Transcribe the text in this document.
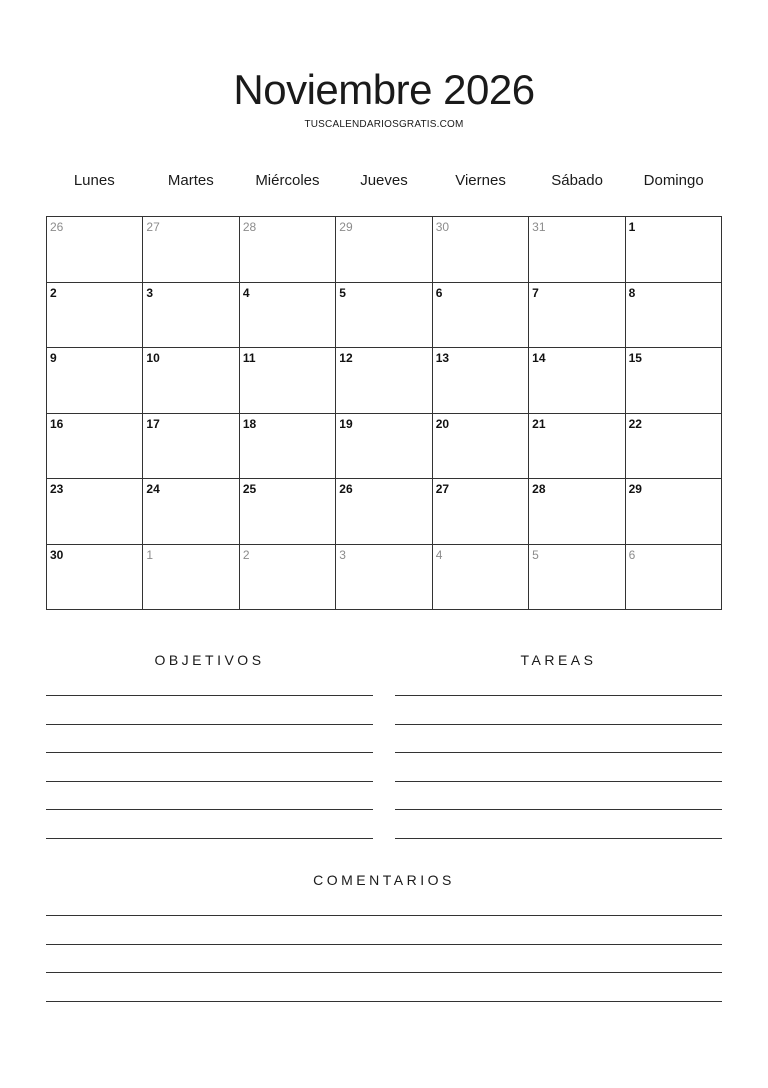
Noviembre 2026
TUSCALENDARIOSGRATIS.COM
Lunes	Martes	Miércoles	Jueves	Viernes	Sábado	Domingo
26	27	28	29	30	31	1
2	3	4	5	6	7	8
9	10	11	12	13	14	15
16	17	18	19	20	21	22
23	24	25	26	27	28	29
30	1	2	3	4	5	6
OBJETIVOS	TAREAS
COMENTARIOS
